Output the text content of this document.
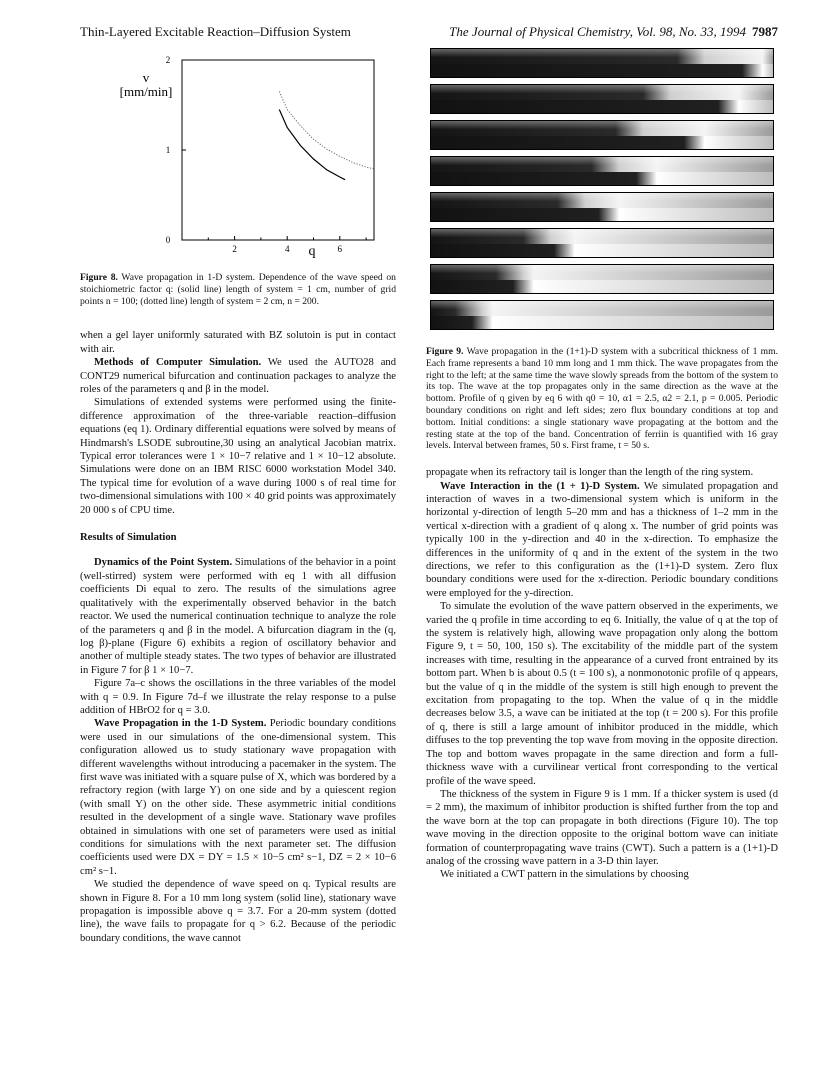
Thin-Layered Excitable Reaction–Diffusion System	The Journal of Physical Chemistry, Vol. 98, No. 33, 1994 7987
v
[mm/min]
q
2	4	6
0
1
2

Figure 8. Wave propagation in 1-D system. Dependence of the wave speed on stoichiometric factor q: (solid line) length of system = 1 cm, number of grid points n = 100; (dotted line) length of system = 2 cm, n = 200.

when a gel layer uniformly saturated with BZ solutoin is put in contact with air.

Methods of Computer Simulation. We used the AUTO28 and CONT29 numerical bifurcation and continuation packages to analyze the roles of the parameters q and β in the model.

Simulations of extended systems were performed using the finite-difference approximation of the three-variable reaction–diffusion equations (eq 1). Ordinary differential equations were solved by means of Hindmarsh's LSODE subroutine,30 using an analytical Jacobian matrix. Typical error tolerances were 1 × 10−7 relative and 1 × 10−12 absolute. Simulations were done on an IBM RISC 6000 workstation Model 340. The typical time for evolution of a wave during 1000 s of real time for two-dimensional simulations with 100 × 40 grid points was approximately 20 000 s of CPU time.

Results of Simulation

Dynamics of the Point System. Simulations of the behavior in a point (well-stirred) system were performed with eq 1 with all diffusion coefficients Di equal to zero. The results of the simulations agree qualitatively with the experimentally observed behavior in the batch reactor. We used the numerical continuation technique to analyze the role of the parameters q and β in the model. A bifurcation diagram in the (q, log β)-plane (Figure 6) exhibits a region of oscillatory behavior and another of multiple steady states. The two types of behavior are illustrated in Figure 7 for β 1 × 10−7.

Figure 7a–c shows the oscillations in the three variables of the model with q = 0.9. In Figure 7d–f we illustrate the relay response to a pulse addition of HBrO2 for q = 3.0.

Wave Propagation in the 1-D System. Periodic boundary conditions were used in our simulations of the one-dimensional system. This configuration allowed us to study stationary wave propagation with different wavelengths without introducing a pacemaker in the system. The first wave was initiated with a square pulse of X, which was bordered by a refractory region (with large Y) on one side and by a quiescent region (with small Y) on the other side. These asymmetric initial conditions resulted in the development of a single wave. Stationary wave profiles obtained in simulations with one set of parameters were used as initial conditions for simulations with the next parameter set. The diffusion coefficients used were DX = DY = 1.5 × 10−5 cm² s−1, DZ = 2 × 10−6 cm² s−1.

We studied the dependence of wave speed on q. Typical results are shown in Figure 8. For a 10 mm long system (solid line), stationary wave propagation is impossible above q = 3.7. For a 20-mm system (dotted line), the wave fails to propagate for q > 6.2. Because of the periodic boundary conditions, the wave cannot

Figure 9. Wave propagation in the (1+1)-D system with a subcritical thickness of 1 mm. Each frame represents a band 10 mm long and 1 mm thick. The wave propagates from the right to the left; at the same time the wave slowly spreads from the bottom of the system to its top. The wave at the top propagates only in the same direction as the wave at the bottom. Profile of q given by eq 6 with q0 = 10, α1 = 2.5, α2 = 2.1, p = 0.005. Periodic boundary conditions on right and left sides; zero flux boundary conditions at top and bottom. Initial conditions: a single stationary wave propagating at the bottom and the resting state at the top of the band. Concentration of ferriin is quantified with 16 gray levels. Interval between frames, 50 s. First frame, t = 50 s.

propagate when its refractory tail is longer than the length of the ring system.

Wave Interaction in the (1 + 1)-D System. We simulated propagation and interaction of waves in a two-dimensional system which is uniform in the horizontal y-direction of length 5–20 mm and has a thickness of 1–2 mm in the vertical x-direction with a gradient of q along x. The number of grid points was typically 100 in the y-direction and 40 in the x-direction. To emphasize the differences in the uniformity of q and in the extent of the system in the two directions, we refer to this configuration as the (1+1)-D system. Zero flux boundary conditions were used for the x-direction. Periodic boundary conditions were employed for the y-direction.

To simulate the evolution of the wave pattern observed in the experiments, we varied the q profile in time according to eq 6. Initially, the value of q at the top of the system is relatively high, allowing wave propagation only along the bottom Figure 9, t = 50, 100, 150 s). The excitability of the middle part of the system increases with time, resulting in the appearance of a curved front entrained by its bottom part. When b is about 0.5 (t = 100 s), a nonmonotonic profile of q appears, but the value of q in the middle of the system is still high enough to prevent the excitation from propagating to the top. When the value of q in the middle decreases below 3.5, a wave can be initiated at the top (t = 200 s). For this profile of q, there is still a large amount of inhibitor produced in the middle, which diffuses to the top preventing the top wave from moving in the opposite direction. The top and bottom waves propagate in the same direction and form a full-thickness wave with a curvilinear vertical front corresponding to the vertical profile of the wave speed.

The thickness of the system in Figure 9 is 1 mm. If a thicker system is used (d = 2 mm), the maximum of inhibitor production is shifted further from the top and the wave born at the top can propagate in both directions (Figure 10). The top wave moving in the direction opposite to the original bottom wave can initiate formation of counterpropagating wave trains (CWT). Such a pattern is a (1+1)-D analog of the crossing wave pattern in a 3-D thin layer.

We initiated a CWT pattern in the simulations by choosing
